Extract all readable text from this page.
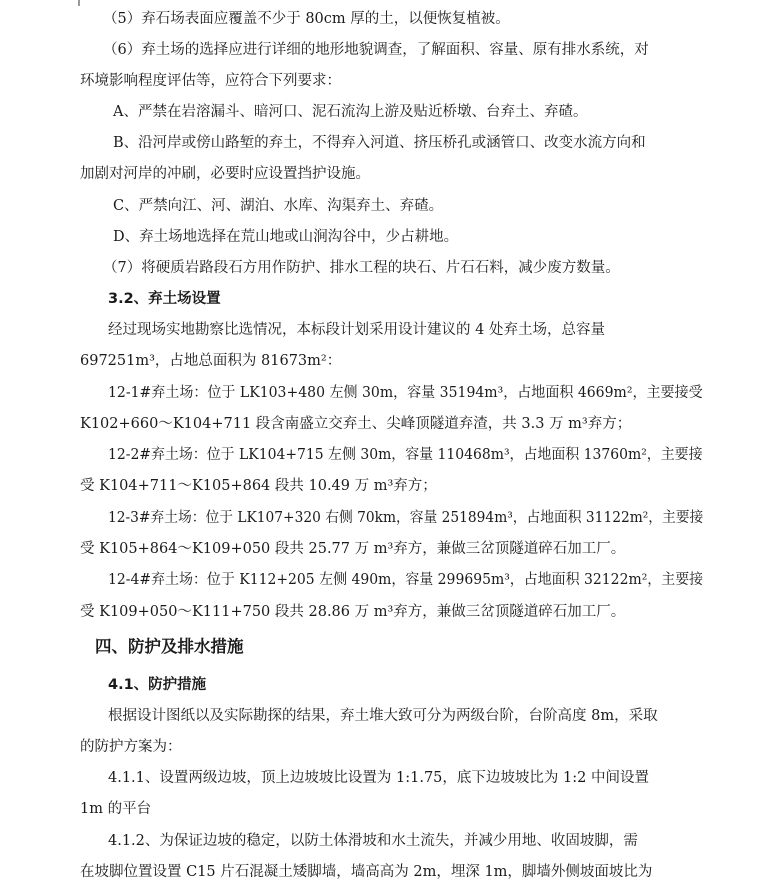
（5）弃石场表面应覆盖不少于 80cm 厚的土，以便恢复植被。
（6）弃土场的选择应进行详细的地形地貌调查，了解面积、容量、原有排水系统，对
环境影响程度评估等，应符合下列要求：
A、严禁在岩溶漏斗、暗河口、泥石流沟上游及贴近桥墩、台弃土、弃碴。
B、沿河岸或傍山路堑的弃土，不得弃入河道、挤压桥孔或涵管口、改变水流方向和
加剧对河岸的冲刷，必要时应设置挡护设施。
C、严禁向江、河、湖泊、水库、沟渠弃土、弃碴。
D、弃土场地选择在荒山地或山涧沟谷中，少占耕地。
（7）将硬质岩路段石方用作防护、排水工程的块石、片石石料，减少废方数量。
3.2、弃土场设置
经过现场实地勘察比选情况，本标段计划采用设计建议的 4 处弃土场，总容量
697251m³，占地总面积为 81673m²：
12-1#弃土场：位于 LK103+480 左侧 30m，容量 35194m³，占地面积 4669m²，主要接受
K102+660～K104+711 段含南盛立交弃土、尖峰顶隧道弃渣，共 3.3 万 m³弃方；
12-2#弃土场：位于 LK104+715 左侧 30m，容量 110468m³，占地面积 13760m²，主要接
受 K104+711～K105+864 段共 10.49 万 m³弃方；
12-3#弃土场：位于 LK107+320 右侧 70km，容量 251894m³，占地面积 31122m²，主要接
受 K105+864～K109+050 段共 25.77 万 m³弃方，兼做三岔顶隧道碎石加工厂。
12-4#弃土场：位于 K112+205 左侧 490m，容量 299695m³，占地面积 32122m²，主要接
受 K109+050～K111+750 段共 28.86 万 m³弃方，兼做三岔顶隧道碎石加工厂。
四、防护及排水措施
4.1、防护措施
根据设计图纸以及实际勘探的结果，弃土堆大致可分为两级台阶，台阶高度 8m，采取
的防护方案为：
4.1.1、设置两级边坡，顶上边坡坡比设置为 1:1.75，底下边坡坡比为 1:2 中间设置
1m 的平台
4.1.2、为保证边坡的稳定，以防土体滑坡和水土流失，并减少用地、收固坡脚，需
在坡脚位置设置 C15 片石混凝土矮脚墙，墙高高为 2m，埋深 1m，脚墙外侧坡面坡比为
